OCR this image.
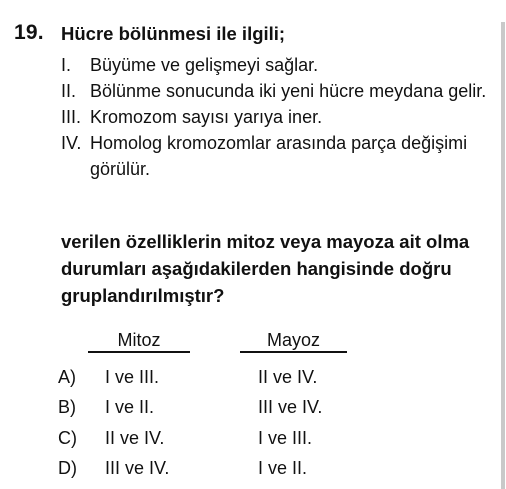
19. Hücre bölünmesi ile ilgili;
I.	Büyüme ve gelişmeyi sağlar.
II. Bölünme sonucunda iki yeni hücre meydana gelir.
III. Kromozom sayısı yarıya iner.
IV. Homolog kromozomlar arasında parça değişimi görülür.
verilen özelliklerin mitoz veya mayoza ait olma durumları aşağıdakilerden hangisinde doğru gruplandırılmıştır?
Mitoz	Mayoz
A) I ve III.	II ve IV.
B) I ve II.	III ve IV.
C) II ve IV.	I ve III.
D) III ve IV.	I ve II.
